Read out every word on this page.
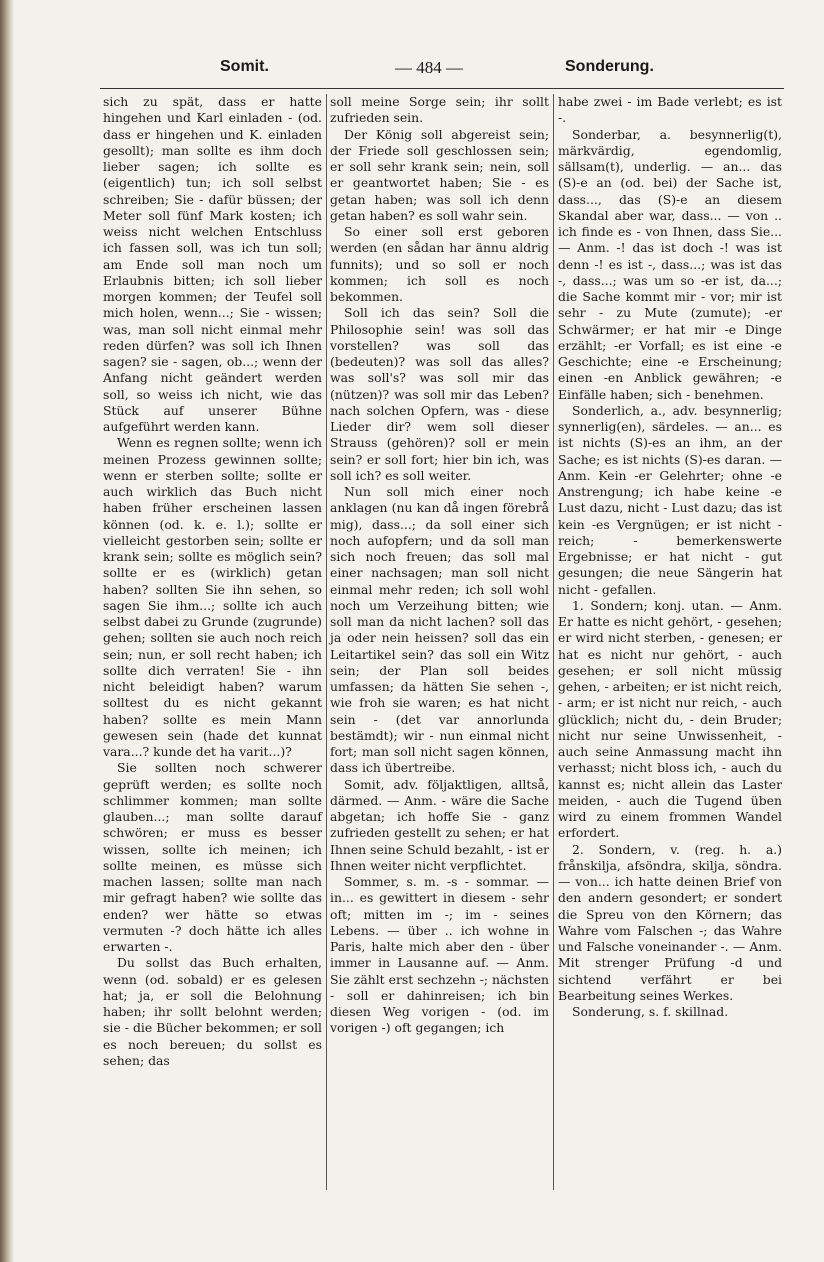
Somit.	— 484 —	Sonderung.

sich zu spät, dass er hatte hingehen und Karl einladen - (od. dass er hingehen und K. einladen gesollt); man sollte es ihm doch lieber sagen; ich sollte es (eigentlich) tun; ich soll selbst schreiben; Sie - dafür büssen; der Meter soll fünf Mark kosten; ich weiss nicht welchen Entschluss ich fassen soll, was ich tun soll; am Ende soll man noch um Erlaubnis bitten; ich soll lieber morgen kommen; der Teufel soll mich holen, wenn...; Sie - wissen; was, man soll nicht einmal mehr reden dürfen? was soll ich Ihnen sagen? sie - sagen, ob...; wenn der Anfang nicht geändert werden soll, so weiss ich nicht, wie das Stück auf unserer Bühne aufgeführt werden kann.

Wenn es regnen sollte; wenn ich meinen Prozess gewinnen sollte; wenn er sterben sollte; sollte er auch wirklich das Buch nicht haben früher erscheinen lassen können (od. k. e. l.); sollte er vielleicht gestorben sein; sollte er krank sein; sollte es möglich sein? sollte er es (wirklich) getan haben? sollten Sie ihn sehen, so sagen Sie ihm...; sollte ich auch selbst dabei zu Grunde (zugrunde) gehen; sollten sie auch noch reich sein; nun, er soll recht haben; ich sollte dich verraten! Sie - ihn nicht beleidigt haben? warum solltest du es nicht gekannt haben? sollte es mein Mann gewesen sein (hade det kunnat vara...? kunde det ha varit...)?

Sie sollten noch schwerer geprüft werden; es sollte noch schlimmer kommen; man sollte glauben...; man sollte darauf schwören; er muss es besser wissen, sollte ich meinen; ich sollte meinen, es müsse sich machen lassen; sollte man nach mir gefragt haben? wie sollte das enden? wer hätte so etwas vermuten -? doch hätte ich alles erwarten -.

Du sollst das Buch erhalten, wenn (od. sobald) er es gelesen hat; ja, er soll die Belohnung haben; ihr sollt belohnt werden; sie - die Bücher bekommen; er soll es noch bereuen; du sollst es sehen; das

soll meine Sorge sein; ihr sollt zufrieden sein.

Der König soll abgereist sein; der Friede soll geschlossen sein; er soll sehr krank sein; nein, soll er geantwortet haben; Sie - es getan haben; was soll ich denn getan haben? es soll wahr sein.

So einer soll erst geboren werden (en sådan har ännu aldrig funnits); und so soll er noch kommen; ich soll es noch bekommen.

Soll ich das sein? Soll die Philosophie sein! was soll das vorstellen? was soll das (bedeuten)? was soll das alles? was soll's? was soll mir das (nützen)? was soll mir das Leben? nach solchen Opfern, was - diese Lieder dir? wem soll dieser Strauss (gehören)? soll er mein sein? er soll fort; hier bin ich, was soll ich? es soll weiter.

Nun soll mich einer noch anklagen (nu kan då ingen förebrå mig), dass...; da soll einer sich noch aufopfern; und da soll man sich noch freuen; das soll mal einer nachsagen; man soll nicht einmal mehr reden; ich soll wohl noch um Verzeihung bitten; wie soll man da nicht lachen? soll das ja oder nein heissen? soll das ein Leitartikel sein? das soll ein Witz sein; der Plan soll beides umfassen; da hätten Sie sehen -, wie froh sie waren; es hat nicht sein - (det var annorlunda bestämdt); wir - nun einmal nicht fort; man soll nicht sagen können, dass ich übertreibe.

Somit, adv. följaktligen, alltså, därmed. — Anm. - wäre die Sache abgetan; ich hoffe Sie - ganz zufrieden gestellt zu sehen; er hat Ihnen seine Schuld bezahlt, - ist er Ihnen weiter nicht verpflichtet.

Sommer, s. m. -s - sommar. — in... es gewittert in diesem - sehr oft; mitten im -; im - seines Lebens. — über .. ich wohne in Paris, halte mich aber den - über immer in Lausanne auf. — Anm. Sie zählt erst sechzehn -; nächsten - soll er dahinreisen; ich bin diesen Weg vorigen - (od. im vorigen -) oft gegangen; ich

habe zwei - im Bade verlebt; es ist -.

Sonderbar, a. besynnerlig(t), märkvärdig, egendomlig, sällsam(t), underlig. — an... das (S)-e an (od. bei) der Sache ist, dass..., das (S)-e an diesem Skandal aber war, dass... — von .. ich finde es - von Ihnen, dass Sie... — Anm. -! das ist doch -! was ist denn -! es ist -, dass...; was ist das -, dass...; was um so -er ist, da...; die Sache kommt mir - vor; mir ist sehr - zu Mute (zumute); -er Schwärmer; er hat mir -e Dinge erzählt; -er Vorfall; es ist eine -e Geschichte; eine -e Erscheinung; einen -en Anblick gewähren; -e Einfälle haben; sich - benehmen.

Sonderlich, a., adv. besynnerlig; synnerlig(en), särdeles. — an... es ist nichts (S)-es an ihm, an der Sache; es ist nichts (S)-es daran. — Anm. Kein -er Gelehrter; ohne -e Anstrengung; ich habe keine -e Lust dazu, nicht - Lust dazu; das ist kein -es Vergnügen; er ist nicht - reich; - bemerkenswerte Ergebnisse; er hat nicht - gut gesungen; die neue Sängerin hat nicht - gefallen.

1. Sondern; konj. utan. — Anm. Er hatte es nicht gehört, - gesehen; er wird nicht sterben, - genesen; er hat es nicht nur gehört, - auch gesehen; er soll nicht müssig gehen, - arbeiten; er ist nicht reich, - arm; er ist nicht nur reich, - auch glücklich; nicht du, - dein Bruder; nicht nur seine Unwissenheit, - auch seine Anmassung macht ihn verhasst; nicht bloss ich, - auch du kannst es; nicht allein das Laster meiden, - auch die Tugend üben wird zu einem frommen Wandel erfordert.

2. Sondern, v. (reg. h. a.) frånskilja, afsöndra, skilja, söndra. — von... ich hatte deinen Brief von den andern gesondert; er sondert die Spreu von den Körnern; das Wahre vom Falschen -; das Wahre und Falsche voneinander -. — Anm. Mit strenger Prüfung -d und sichtend verfährt er bei Bearbeitung seines Werkes.

Sonderung, s. f. skillnad.
